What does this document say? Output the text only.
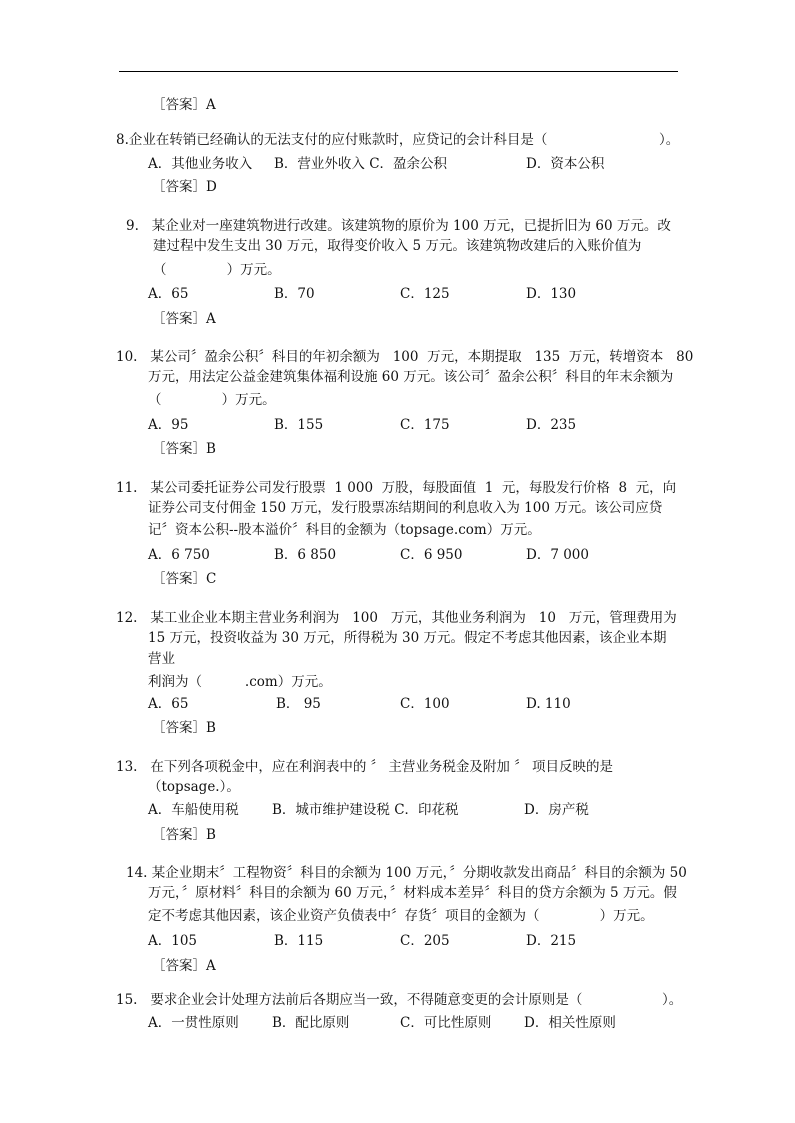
［答案］A
8.企业在转销已经确认的无法支付的应付账款时，应贷记的会计科目是（	）。
A．其他业务收入 B．营业外收入 C．盈余公积	D．资本公积
［答案］D
9.   某企业对一座建筑物进行改建。该建筑物的原价为 100 万元，已提折旧为 60 万元。改
建过程中发生支出 30 万元，取得变价收入 5 万元。该建筑物改建后的入账价值为
（              ）万元。
A．65	B．70	C．125	D．130
［答案］A
10.   某公司〞盈余公积〞科目的年初余额为   100  万元，本期提取   135  万元，转增资本   80
万元，用法定公益金建筑集体福利设施 60 万元。该公司〞盈余公积〞科目的年末余额为
（              ）万元。
A．95	B．155	C．175	D．235
［答案］B
11.   某公司委托证券公司发行股票  1 000  万股，每股面值  1  元，每股发行价格  8  元，向
证券公司支付佣金 150 万元，发行股票冻结期间的利息收入为 100 万元。该公司应贷
记〞资本公积--股本溢价〞科目的金额为（topsage.com）万元。
A．6 750	B．6 850	C．6 950	D．7 000
［答案］C
12.   某工业企业本期主营业务利润为   100   万元，其他业务利润为   10   万元，管理费用为
15 万元，投资收益为 30 万元，所得税为 30 万元。假定不考虑其他因素，该企业本期
营业
利润为（          .com）万元。
A．65	B． 95	C．100	D. 110
［答案］B
13.   在下列各项税金中，应在利润表中的 〞 主营业务税金及附加 〞 项目反映的是
（topsage.）。
A．车船使用税 B．城市维护建设税 C．印花税	D．房产税
［答案］B
14. 某企业期末〞工程物资〞科目的余额为 100 万元，〞分期收款发出商品〞科目的余额为 50
万元，〞原材料〞科目的余额为 60 万元，〞材料成本差异〞科目的贷方余额为 5 万元。假
定不考虑其他因素，该企业资产负债表中〞存货〞项目的金额为（              ）万元。
A．105	B．115	C．205	D．215
［答案］A
15.   要求企业会计处理方法前后各期应当一致，不得随意变更的会计原则是（	）。
A．一贯性原则 B．配比原则	C．可比性原则 D．相关性原则
